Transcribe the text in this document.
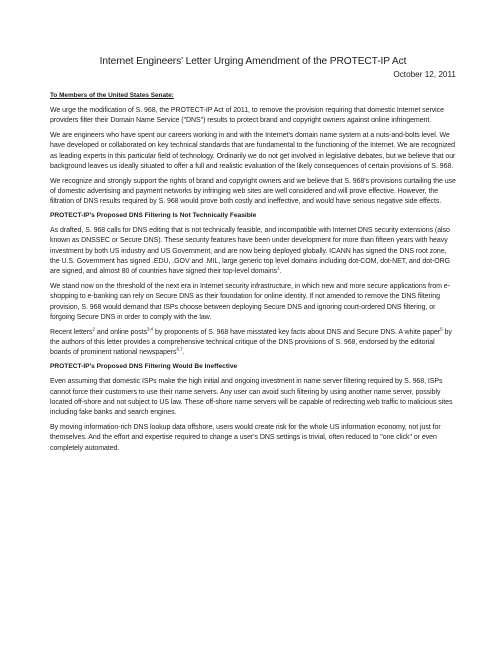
Internet Engineers' Letter Urging Amendment of the PROTECT-IP Act
October 12, 2011
To Members of the United States Senate:

We urge the modification of S. 968, the PROTECT-IP Act of 2011, to remove the provision requiring that domestic Internet service providers filter their Domain Name Service ("DNS") results to protect brand and copyright owners against online infringement.

We are engineers who have spent our careers working in and with the Internet's domain name system at a nuts-and-bolts level. We have developed or collaborated on key technical standards that are fundamental to the functioning of the Internet. We are recognized as leading experts in this particular field of technology. Ordinarily we do not get involved in legislative debates, but we believe that our background leaves us ideally situated to offer a full and realistic evaluation of the likely consequences of certain provisions of S. 968.

We recognize and strongly support the rights of brand and copyright owners and we believe that S. 968's provisions curtailing the use of domestic advertising and payment networks by infringing web sites are well considered and will prove effective. However, the filtration of DNS results required by S. 968 would prove both costly and ineffective, and would have serious negative side effects.

PROTECT-IP's Proposed DNS Filtering Is Not Technically Feasible

As drafted, S. 968 calls for DNS editing that is not technically feasible, and incompatible with Internet DNS security extensions (also known as DNSSEC or Secure DNS). These security features have been under development for more than fifteen years with heavy investment by both US industry and US Government, and are now being deployed globally. ICANN has signed the DNS root zone, the U.S. Government has signed .EDU, .GOV and .MIL, large generic top level domains including dot-COM, dot-NET, and dot-ORG are signed, and almost 80 of countries have signed their top-level domains$^1$.

We stand now on the threshold of the next era in Internet security infrastructure, in which new and more secure applications from e-shopping to e-banking can rely on Secure DNS as their foundation for online identity. If not amended to remove the DNS filtering provision, S. 968 would demand that ISPs choose between deploying Secure DNS and ignoring court-ordered DNS filtering, or forgoing Secure DNS in order to comply with the law.

Recent letters$^2$ and online posts$^{3,4}$ by proponents of S. 968 have misstated key facts about DNS and Secure DNS. A white paper$^5$ by the authors of this letter provides a comprehensive technical critique of the DNS provisions of S. 968, endorsed by the editorial boards of prominent national newspapers$^{6,7}$.

PROTECT-IP's Proposed DNS Filtering Would Be Ineffective

Even assuming that domestic ISPs make the high initial and ongoing investment in name server filtering required by S. 968, ISPs cannot force their customers to use their name servers. Any user can avoid such filtering by using another name server, possibly located off-shore and not subject to US law. These off-shore name servers will be capable of redirecting web traffic to malicious sites including fake banks and search engines.

By moving information-rich DNS lookup data offshore, users would create risk for the whole US information economy, not just for themselves. And the effort and expertise required to change a user's DNS settings is trivial, often reduced to "one click" or even completely automated.
